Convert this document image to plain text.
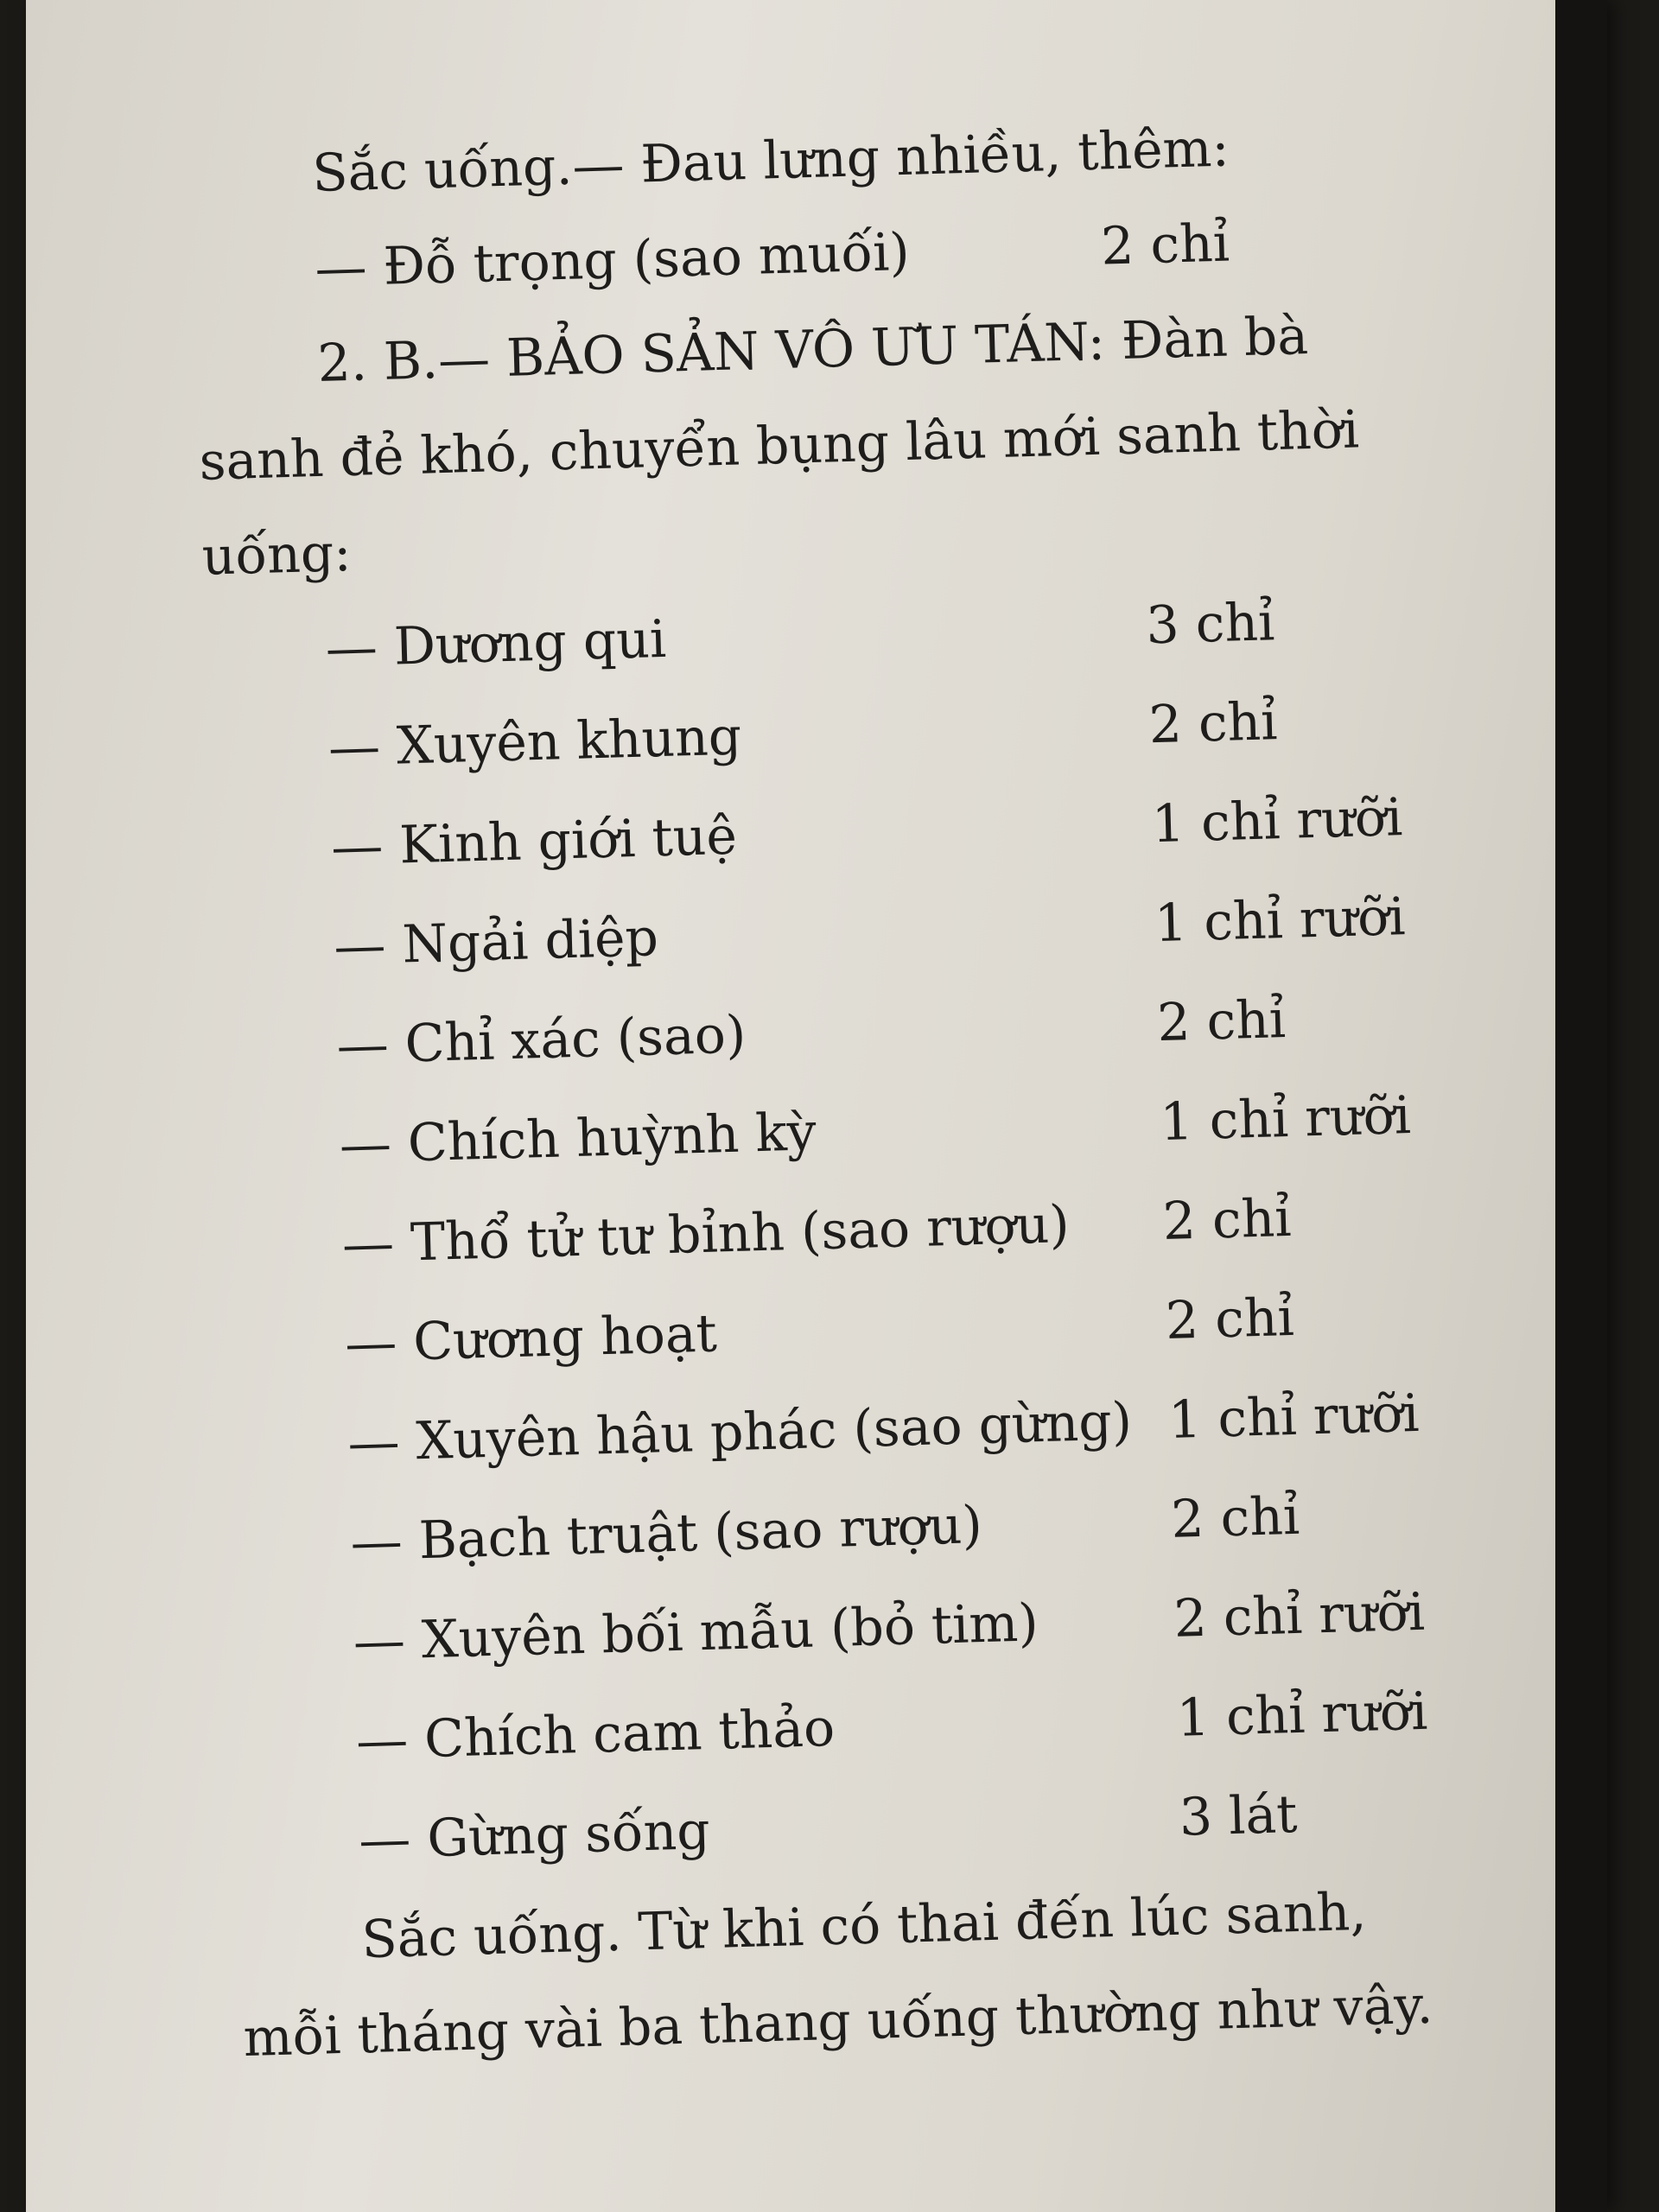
Sắc uống.— Đau lưng nhiều, thêm:
— Đỗ trọng (sao muối)	2 chỉ
2. B.— BẢO SẢN VÔ ƯU TÁN: Đàn bà
sanh đẻ khó, chuyển bụng lâu mới sanh thời
uống:
— Dương qui	3 chỉ
— Xuyên khung	2 chỉ
— Kinh giới tuệ	1 chỉ rưỡi
— Ngải diệp	1 chỉ rưỡi
— Chỉ xác (sao)	2 chỉ
— Chích huỳnh kỳ	1 chỉ rưỡi
— Thổ tử tư bỉnh (sao rượu) 2 chỉ
— Cương hoạt	2 chỉ
— Xuyên hậu phác (sao gừng) 1 chỉ rưỡi
— Bạch truật (sao rượu)	2 chỉ
— Xuyên bối mẫu (bỏ tim)	2 chỉ rưỡi
— Chích cam thảo	1 chỉ rưỡi
— Gừng sống	3 lát
Sắc uống. Từ khi có thai đến lúc sanh,
mỗi tháng vài ba thang uống thường như vậy.
